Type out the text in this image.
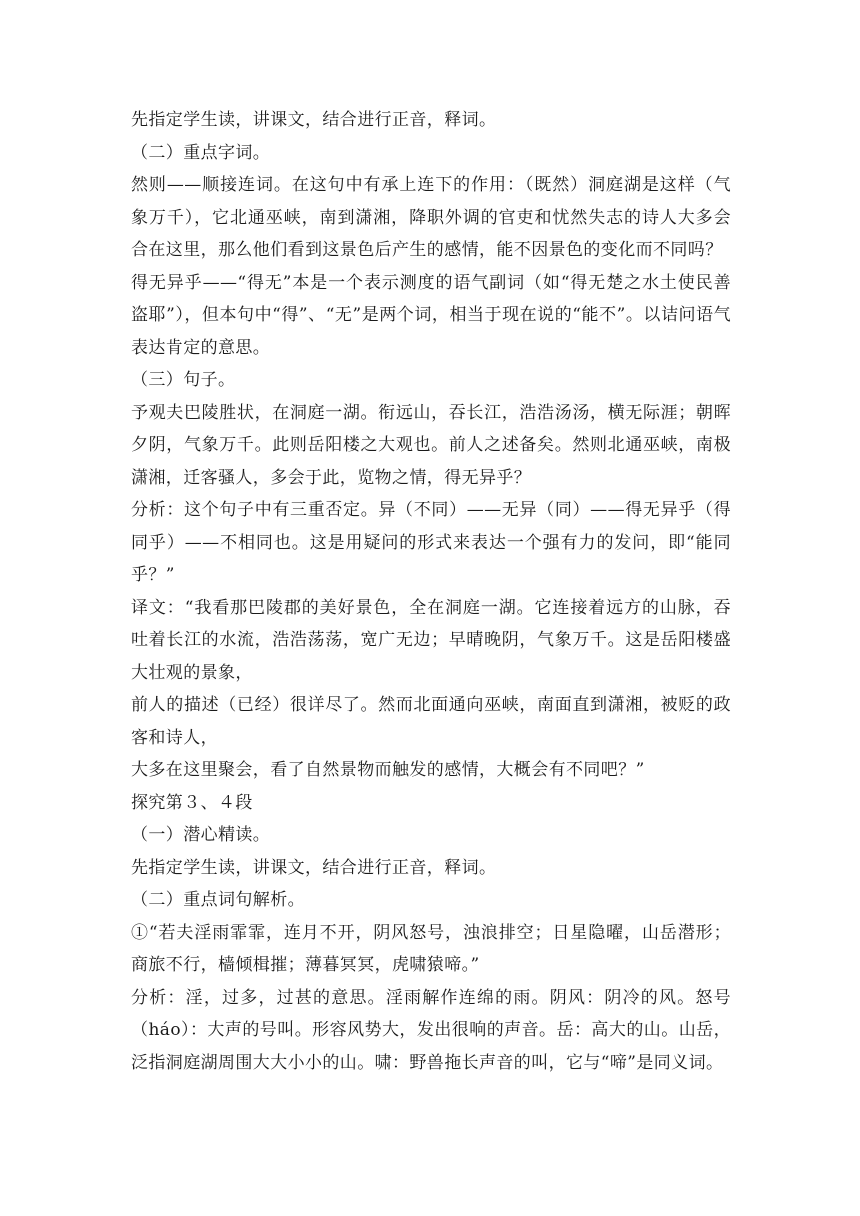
先指定学生读，讲课文，结合进行正音，释词。

（二）重点字词。

然则——顺接连词。在这句中有承上连下的作用：（既然）洞庭湖是这样（气象万千），它北通巫峡，南到潇湘，降职外调的官吏和忧然失志的诗人大多会合在这里，那么他们看到这景色后产生的感情，能不因景色的变化而不同吗？

得无异乎——“得无”本是一个表示测度的语气副词（如“得无楚之水土使民善盗耶”），但本句中“得”、“无”是两个词，相当于现在说的“能不”。以诘问语气表达肯定的意思。

（三）句子。

予观夫巴陵胜状，在洞庭一湖。衔远山，吞长江，浩浩汤汤，横无际涯；朝晖夕阴，气象万千。此则岳阳楼之大观也。前人之述备矣。然则北通巫峡，南极潇湘，迁客骚人，多会于此，览物之情，得无异乎？

分析：这个句子中有三重否定。异（不同）——无异（同）——得无异乎（得同乎）——不相同也。这是用疑问的形式来表达一个强有力的发问，即“能同乎？”

译文：“我看那巴陵郡的美好景色，全在洞庭一湖。它连接着远方的山脉，吞吐着长江的水流，浩浩荡荡，宽广无边；早晴晚阴，气象万千。这是岳阳楼盛大壮观的景象，

前人的描述（已经）很详尽了。然而北面通向巫峡，南面直到潇湘，被贬的政客和诗人，

大多在这里聚会，看了自然景物而触发的感情，大概会有不同吧？”

探究第３、４段

（一）潜心精读。

先指定学生读，讲课文，结合进行正音，释词。

（二）重点词句解析。

①“若夫淫雨霏霏，连月不开，阴风怒号，浊浪排空；日星隐曜，山岳潜形；商旅不行，樯倾楫摧；薄暮冥冥，虎啸猿啼。”

分析：淫，过多，过甚的意思。淫雨解作连绵的雨。阴风：阴冷的风。怒号（háo）：大声的号叫。形容风势大，发出很响的声音。岳：高大的山。山岳，泛指洞庭湖周围大大小小的山。啸：野兽拖长声音的叫，它与“啼”是同义词。
